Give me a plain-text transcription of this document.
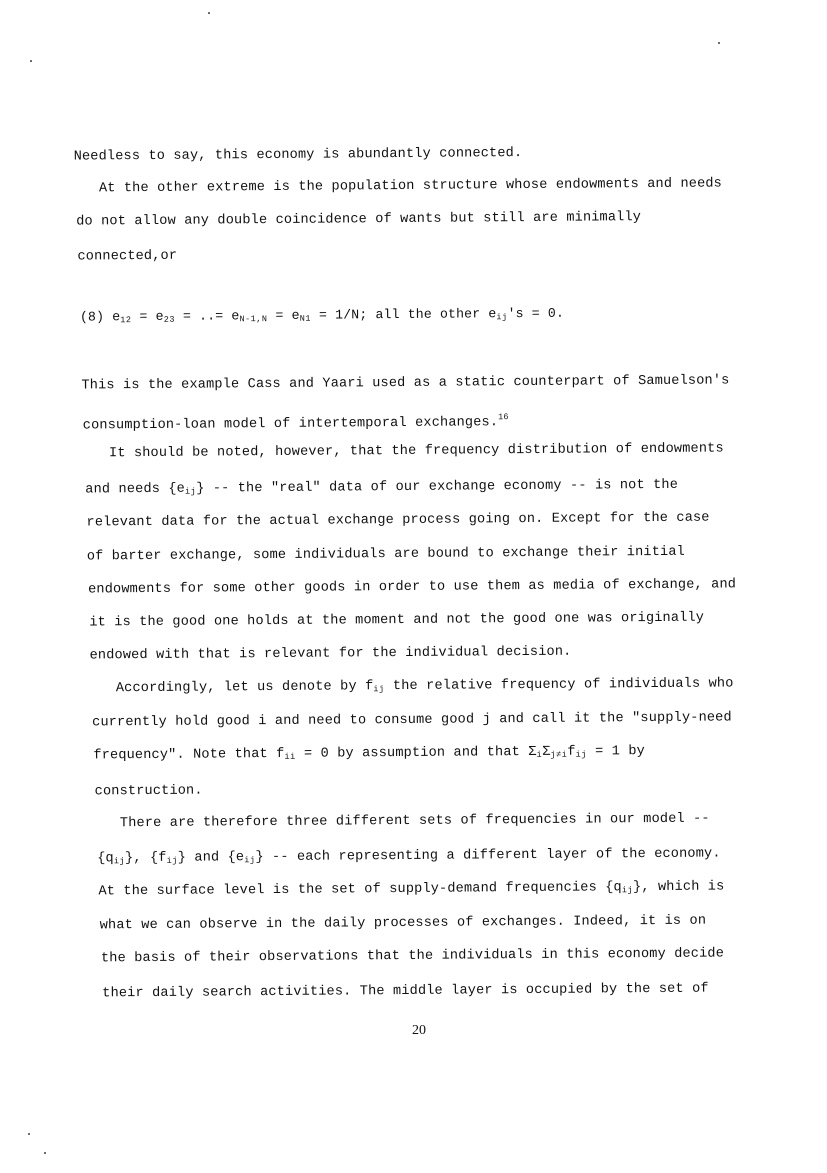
Needless to say, this economy is abundantly connected.
At the other extreme is the population structure whose endowments and needs
do not allow any double coincidence of wants but still are minimally
connected,or
(8) $e_{12} = e_{23}$ = ..= $e_{N-1,N} = e_{N1} = 1/N$; all the other $e_{ij}'s = 0$.
This is the example Cass and Yaari used as a static counterpart of Samuelson's
consumption-loan model of intertemporal exchanges.$^{16}$
It should be noted, however, that the frequency distribution of endowments
and needs $\{e_{ij}\}$ -- the "real" data of our exchange economy -- is not the
relevant data for the actual exchange process going on. Except for the case
of barter exchange, some individuals are bound to exchange their initial
endowments for some other goods in order to use them as media of exchange, and
it is the good one holds at the moment and not the good one was originally
endowed with that is relevant for the individual decision.
Accordingly, let us denote by $f_{ij}$ the relative frequency of individuals who
currently hold good i and need to consume good j and call it the "supply-need
frequency". Note that $f_{ii} = 0$ by assumption and that $\Sigma_i\Sigma_{j\ne i}f_{ij} = 1$ by
construction.
There are therefore three different sets of frequencies in our model --
$\{q_{ij}\}$, $\{f_{ij}\}$ and $\{e_{ij}\}$ -- each representing a different layer of the economy.
At the surface level is the set of supply-demand frequencies $\{q_{ij}\}$, which is
what we can observe in the daily processes of exchanges. Indeed, it is on
the basis of their observations that the individuals in this economy decide
their daily search activities. The middle layer is occupied by the set of
20
